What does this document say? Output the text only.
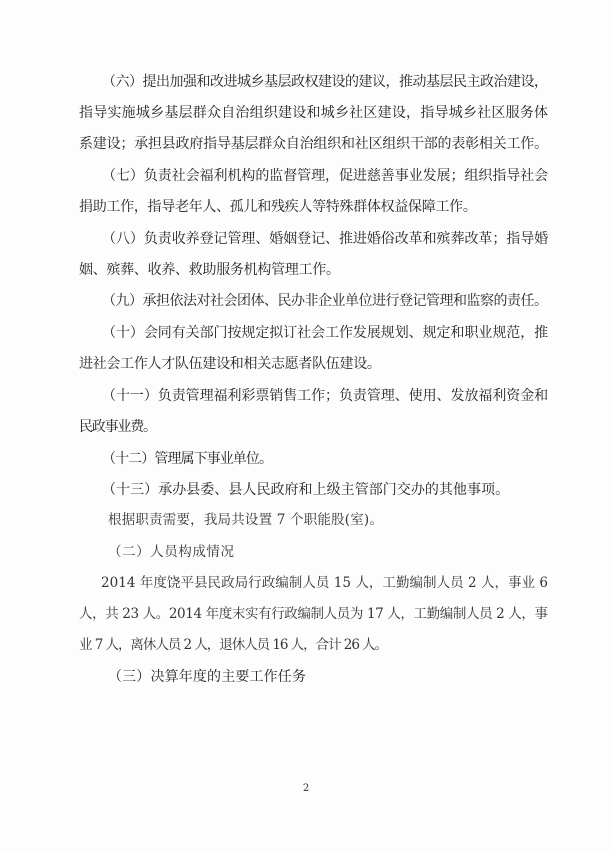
（六）提出加强和改进城乡基层政权建设的建议，推动基层民主政治建设，

指导实施城乡基层群众自治组织建设和城乡社区建设，指导城乡社区服务体

系建设；承担县政府指导基层群众自治组织和社区组织干部的表彰相关工作。

（七）负责社会福利机构的监督管理，促进慈善事业发展；组织指导社会

捐助工作，指导老年人、孤儿和残疾人等特殊群体权益保障工作。

（八）负责收养登记管理、婚姻登记、推进婚俗改革和殡葬改革；指导婚

姻、殡葬、收养、救助服务机构管理工作。

（九）承担依法对社会团体、民办非企业单位进行登记管理和监察的责任。

（十）会同有关部门按规定拟订社会工作发展规划、规定和职业规范，推

进社会工作人才队伍建设和相关志愿者队伍建设。

（十一）负责管理福利彩票销售工作；负责管理、使用、发放福利资金和

民政事业费。

（十二）管理属下事业单位。

（十三）承办县委、县人民政府和上级主管部门交办的其他事项。

根据职责需要，我局共设置 7 个职能股(室)。

（二）人员构成情况

2014 年度饶平县民政局行政编制人员 15 人，工勤编制人员 2 人，事业 6

人，共 23 人。2014 年度末实有行政编制人员为 17 人，工勤编制人员 2 人，事

业 7 人，离休人员 2 人，退休人员 16 人，合计 26 人。

（三）决算年度的主要工作任务

2
